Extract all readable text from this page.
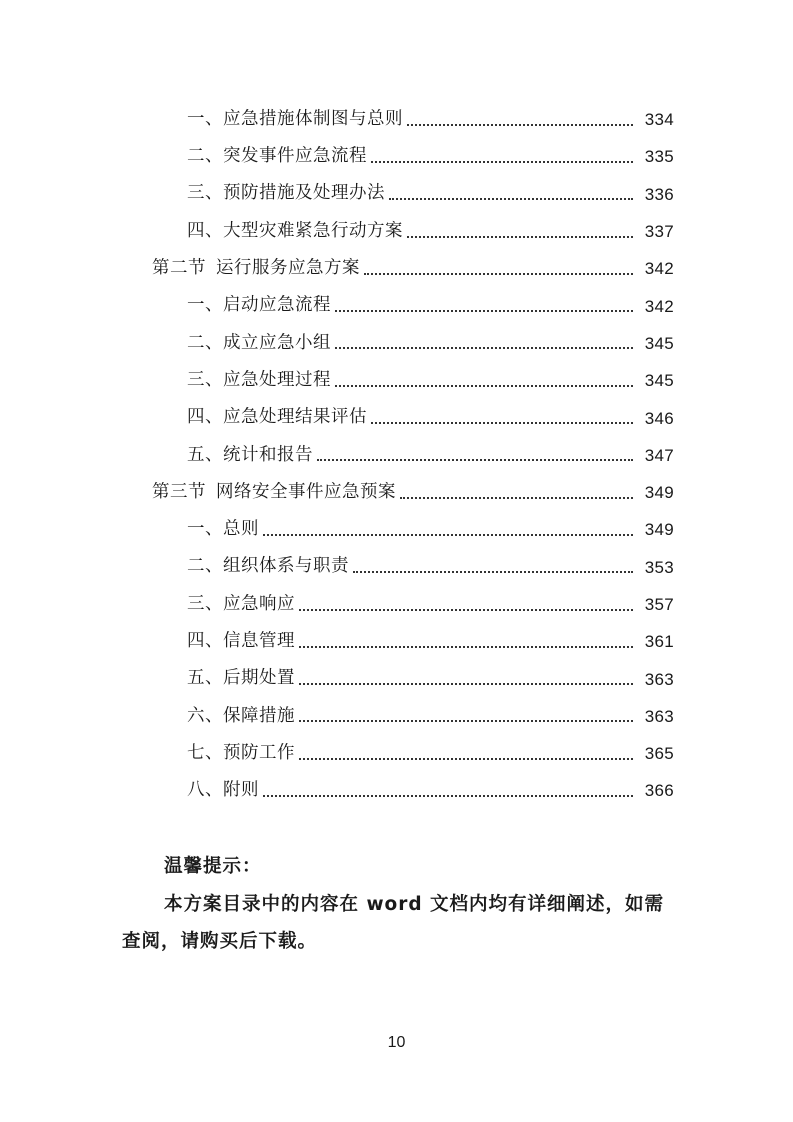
一、应急措施体制图与总则	334
二、突发事件应急流程	335
三、预防措施及处理办法	336
四、大型灾难紧急行动方案	337
第二节 运行服务应急方案	342
一、启动应急流程	342
二、成立应急小组	345
三、应急处理过程	345
四、应急处理结果评估	346
五、统计和报告	347
第三节 网络安全事件应急预案	349
一、总则	349
二、组织体系与职责	353
三、应急响应	357
四、信息管理	361
五、后期处置	363
六、保障措施	363
七、预防工作	365
八、附则	366
温馨提示：
本方案目录中的内容在 word 文档内均有详细阐述，如需查阅，请购买后下载。
10
